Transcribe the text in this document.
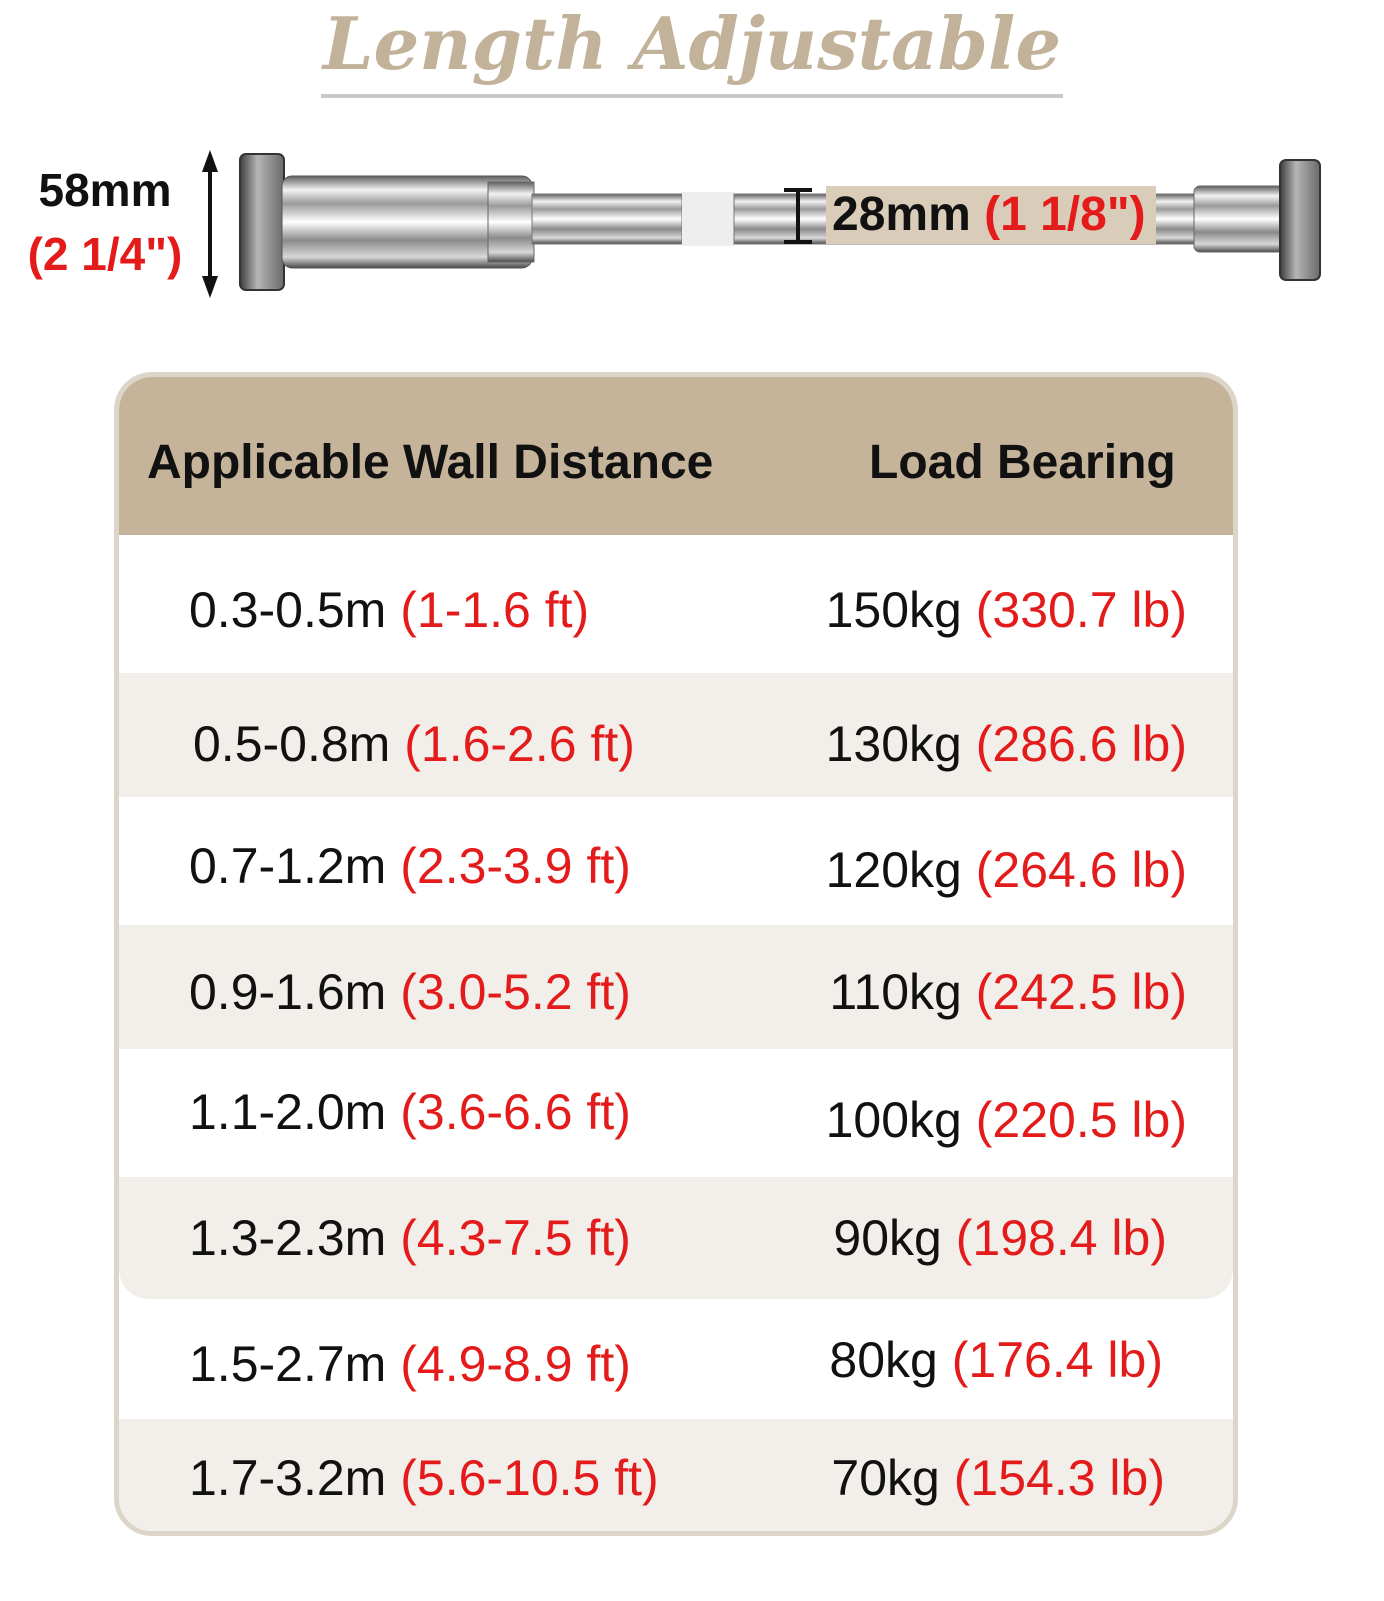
Length Adjustable
58mm
(2 1/4")
28mm (1 1/8")
Applicable Wall Distance	Load Bearing
0.3-0.5m (1-1.6 ft)	150kg (330.7 lb)
0.5-0.8m (1.6-2.6 ft)	130kg (286.6 lb)
0.7-1.2m (2.3-3.9 ft)	120kg (264.6 lb)
0.9-1.6m (3.0-5.2 ft)	110kg (242.5 lb)
1.1-2.0m (3.6-6.6 ft)	100kg (220.5 lb)
1.3-2.3m (4.3-7.5 ft)	90kg (198.4 lb)
1.5-2.7m (4.9-8.9 ft)	80kg (176.4 lb)
1.7-3.2m (5.6-10.5 ft)	70kg (154.3 lb)
